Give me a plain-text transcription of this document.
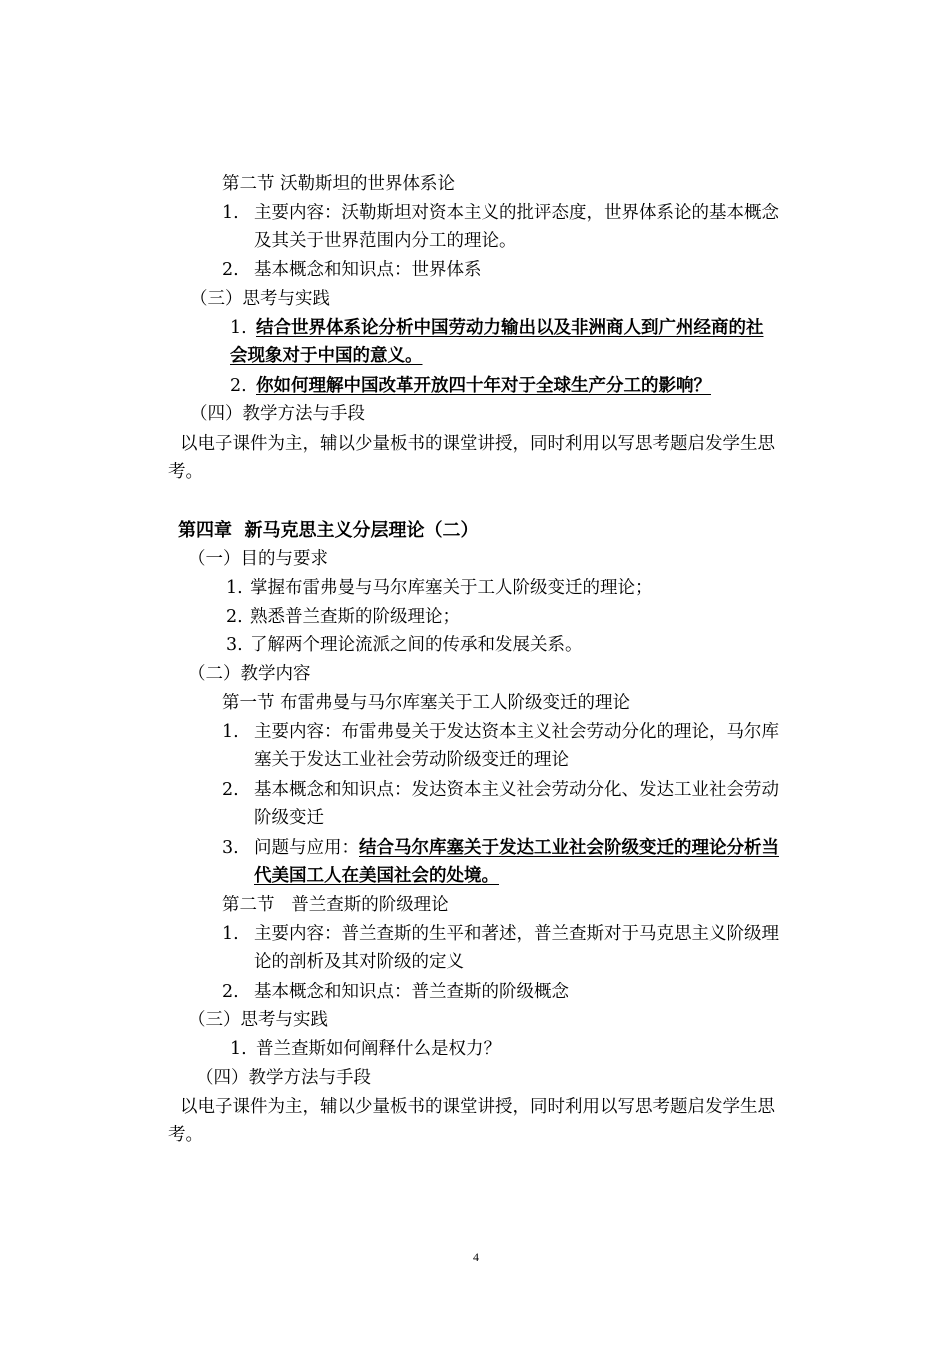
第二节 沃勒斯坦的世界体系论
1. 主要内容：沃勒斯坦对资本主义的批评态度，世界体系论的基本概念
及其关于世界范围内分工的理论。
2. 基本概念和知识点：世界体系
（三）思考与实践
1. 结合世界体系论分析中国劳动力输出以及非洲商人到广州经商的社
会现象对于中国的意义。
2. 你如何理解中国改革开放四十年对于全球生产分工的影响？
（四）教学方法与手段
以电子课件为主，辅以少量板书的课堂讲授，同时利用以写思考题启发学生思
考。
第四章  新马克思主义分层理论（二）
（一）目的与要求
1. 掌握布雷弗曼与马尔库塞关于工人阶级变迁的理论；
2. 熟悉普兰查斯的阶级理论；
3. 了解两个理论流派之间的传承和发展关系。
（二）教学内容
第一节 布雷弗曼与马尔库塞关于工人阶级变迁的理论
1. 主要内容：布雷弗曼关于发达资本主义社会劳动分化的理论，马尔库
塞关于发达工业社会劳动阶级变迁的理论
2. 基本概念和知识点：发达资本主义社会劳动分化、发达工业社会劳动
阶级变迁
3. 问题与应用：结合马尔库塞关于发达工业社会阶级变迁的理论分析当
代美国工人在美国社会的处境。
第二节   普兰查斯的阶级理论
1. 主要内容：普兰查斯的生平和著述，普兰查斯对于马克思主义阶级理
论的剖析及其对阶级的定义
2. 基本概念和知识点：普兰查斯的阶级概念
（三）思考与实践
1. 普兰查斯如何阐释什么是权力？
（四）教学方法与手段
以电子课件为主，辅以少量板书的课堂讲授，同时利用以写思考题启发学生思
考。
4
